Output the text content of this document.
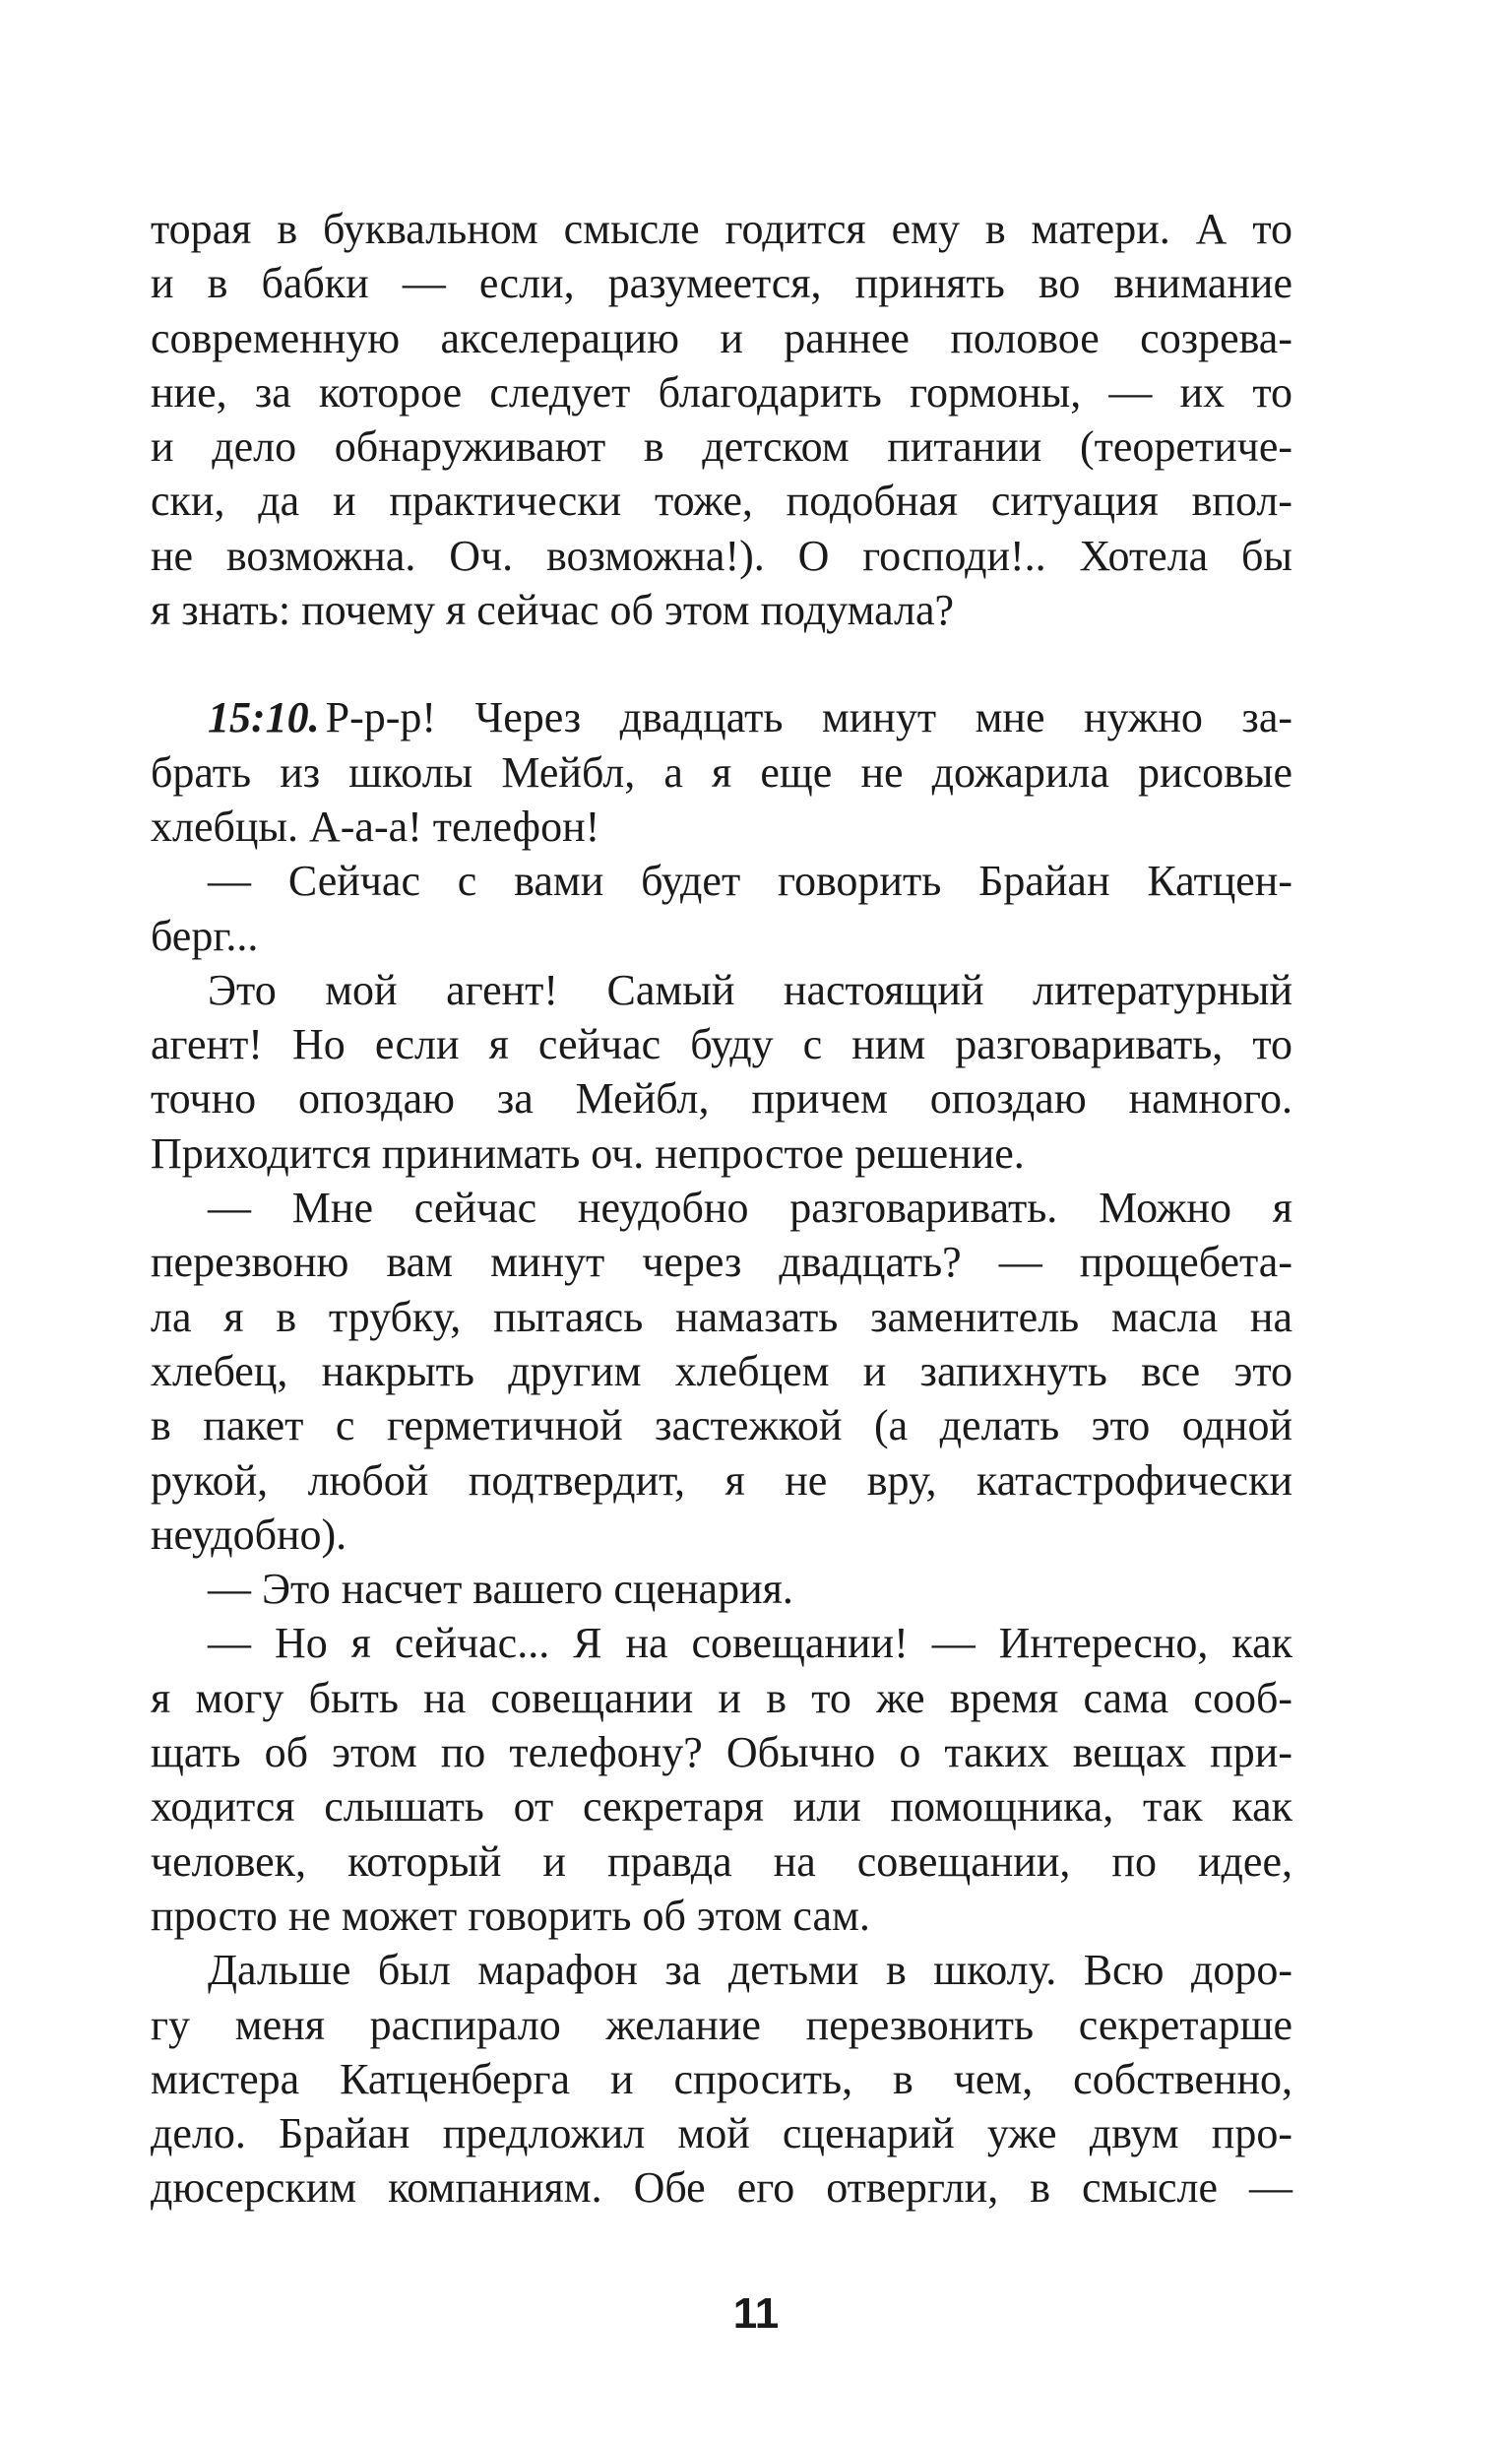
торая в буквальном смысле годится ему в матери. А то
и в бабки — если, разумеется, принять во внимание
современную акселерацию и раннее половое созрева-
ние, за которое следует благодарить гормоны, — их то
и дело обнаруживают в детском питании (теоретиче-
ски, да и практически тоже, подобная ситуация впол-
не возможна. Оч. возможна!). О господи!.. Хотела бы
я знать: почему я сейчас об этом подумала?
15:10. Р-р-р! Через двадцать минут мне нужно за-
брать из школы Мейбл, а я еще не дожарила рисовые
хлебцы. А-а-а! телефон!
— Сейчас с вами будет говорить Брайан Катцен-
берг...
Это мой агент! Самый настоящий литературный
агент! Но если я сейчас буду с ним разговаривать, то
точно опоздаю за Мейбл, причем опоздаю намного.
Приходится принимать оч. непростое решение.
— Мне сейчас неудобно разговаривать. Можно я
перезвоню вам минут через двадцать? — прощебета-
ла я в трубку, пытаясь намазать заменитель масла на
хлебец, накрыть другим хлебцем и запихнуть все это
в пакет с герметичной застежкой (а делать это одной
рукой, любой подтвердит, я не вру, катастрофически
неудобно).
— Это насчет вашего сценария.
— Но я сейчас... Я на совещании! — Интересно, как
я могу быть на совещании и в то же время сама сооб-
щать об этом по телефону? Обычно о таких вещах при-
ходится слышать от секретаря или помощника, так как
человек, который и правда на совещании, по идее,
просто не может говорить об этом сам.
Дальше был марафон за детьми в школу. Всю доро-
гу меня распирало желание перезвонить секретарше
мистера Катценберга и спросить, в чем, собственно,
дело. Брайан предложил мой сценарий уже двум про-
дюсерским компаниям. Обе его отвергли, в смысле —
11
